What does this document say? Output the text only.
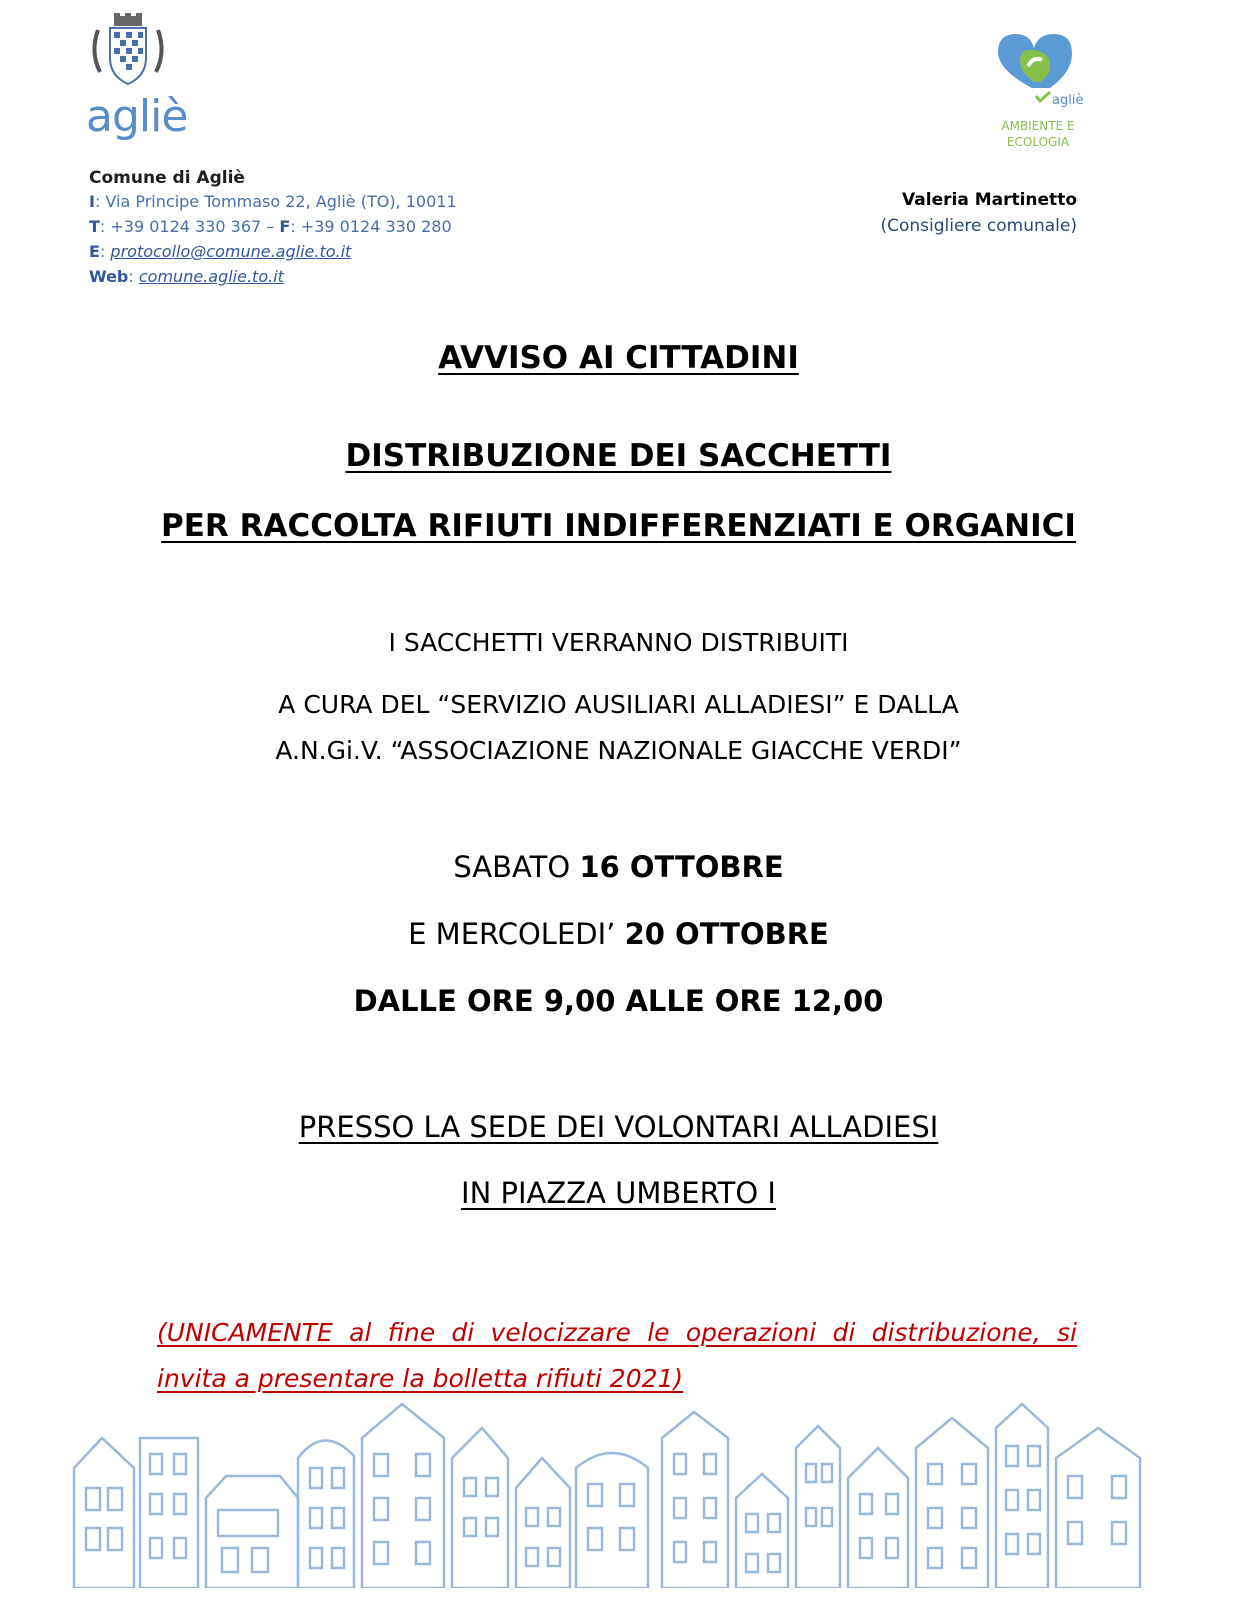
agliè
Comune di Agliè
I: Via Principe Tommaso 22, Agliè (TO), 10011
T: +39 0124 330 367 – F: +39 0124 330 280
E: protocollo@comune.aglie.to.it
Web: comune.aglie.to.it
agliè
AMBIENTE E
ECOLOGIA
Valeria Martinetto
(Consigliere comunale)
AVVISO AI CITTADINI
DISTRIBUZIONE DEI SACCHETTI
PER RACCOLTA RIFIUTI INDIFFERENZIATI E ORGANICI
I SACCHETTI VERRANNO DISTRIBUITI
A CURA DEL “SERVIZIO AUSILIARI ALLADIESI” E DALLA
A.N.Gi.V. “ASSOCIAZIONE NAZIONALE GIACCHE VERDI”
SABATO 16 OTTOBRE
E MERCOLEDI’ 20 OTTOBRE
DALLE ORE 9,00 ALLE ORE 12,00
PRESSO LA SEDE DEI VOLONTARI ALLADIESI
IN PIAZZA UMBERTO I
(UNICAMENTE al fine di velocizzare le operazioni di distribuzione, si invita a presentare la bolletta rifiuti 2021)
